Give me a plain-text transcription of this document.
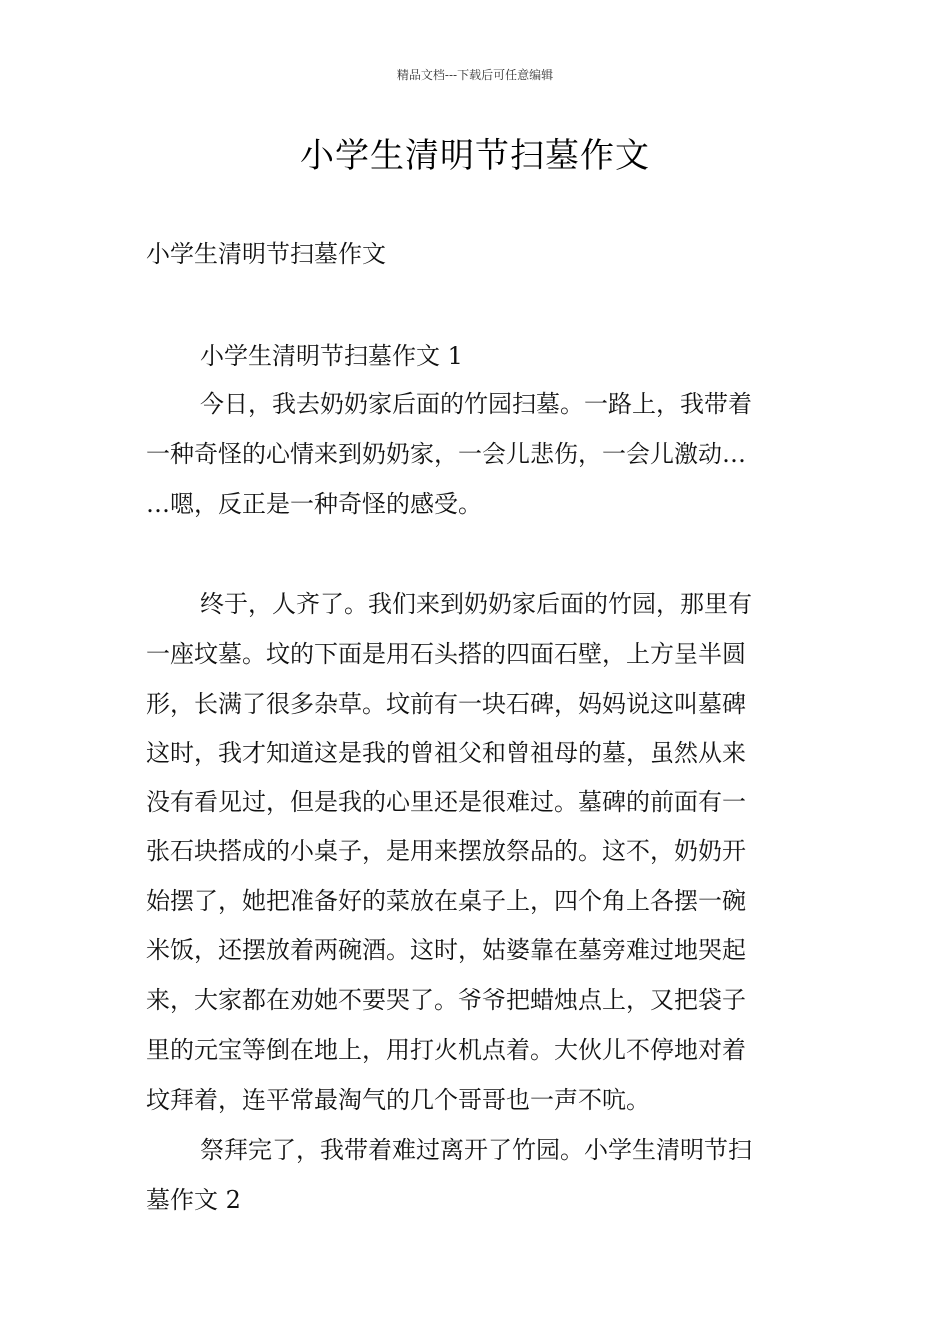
精品文档---下载后可任意编辑
小学生清明节扫墓作文
小学生清明节扫墓作文
小学生清明节扫墓作文 1
今日，我去奶奶家后面的竹园扫墓。一路上，我带着
一种奇怪的心情来到奶奶家，一会儿悲伤，一会儿激动…
…嗯，反正是一种奇怪的感受。
终于，人齐了。我们来到奶奶家后面的竹园，那里有
一座坟墓。坟的下面是用石头搭的四面石壁，上方呈半圆
形，长满了很多杂草。坟前有一块石碑，妈妈说这叫墓碑
这时，我才知道这是我的曾祖父和曾祖母的墓，虽然从来
没有看见过，但是我的心里还是很难过。墓碑的前面有一
张石块搭成的小桌子，是用来摆放祭品的。这不，奶奶开
始摆了，她把准备好的菜放在桌子上，四个角上各摆一碗
米饭，还摆放着两碗酒。这时，姑婆靠在墓旁难过地哭起
来，大家都在劝她不要哭了。爷爷把蜡烛点上，又把袋子
里的元宝等倒在地上，用打火机点着。大伙儿不停地对着
坟拜着，连平常最淘气的几个哥哥也一声不吭。
祭拜完了，我带着难过离开了竹园。小学生清明节扫
墓作文 2
